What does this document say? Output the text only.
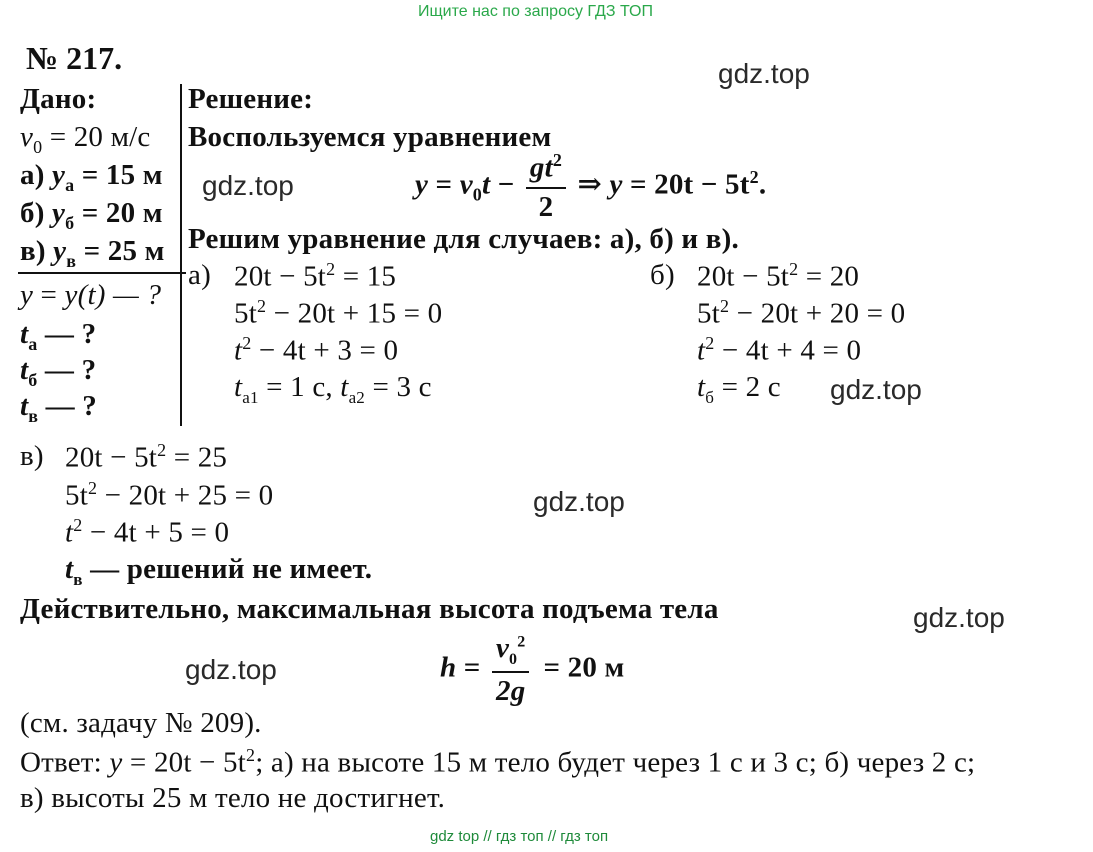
Ищите нас по запросу ГДЗ ТОП
gdz top // гдз топ // гдз топ
gdz.top
gdz.top
gdz.top
gdz.top
gdz.top
gdz.top
№ 217.
Дано:
$v_0 = 20$ м/с
а) $y_а = 15$ м
б) $y_б = 20$ м
в) $y_в = 25$ м
y = y(t) — ?
$t_а$ — ?
$t_б$ — ?
$t_в$ — ?
Решение:
Воспользуемся уравнением
$y = v_0t - \frac{gt^2}{2}$ ⇒ $y = 20t - 5t^2$.
Решим уравнение для случаев: а), б) и в).
а) $20t - 5t^2 = 15$
$5t^2 - 20t + 15 = 0$
$t^2 - 4t + 3 = 0$
$t_{a1} = 1$ с, $t_{a2} = 3$ с
б) $20t - 5t^2 = 20$
$5t^2 - 20t + 20 = 0$
$t^2 - 4t + 4 = 0$
$t_б = 2$ с
в) $20t - 5t^2 = 25$
$5t^2 - 20t + 25 = 0$
$t^2 - 4t + 5 = 0$
$t_в$ — решений не имеет.
Действительно, максимальная высота подъема тела
$h = \frac{v_0^2}{2g} = 20$ м
(см. задачу № 209).
Ответ: $y = 20t - 5t^2$; а) на высоте 15 м тело будет через 1 с и 3 с; б) через 2 с;
в) высоты 25 м тело не достигнет.
